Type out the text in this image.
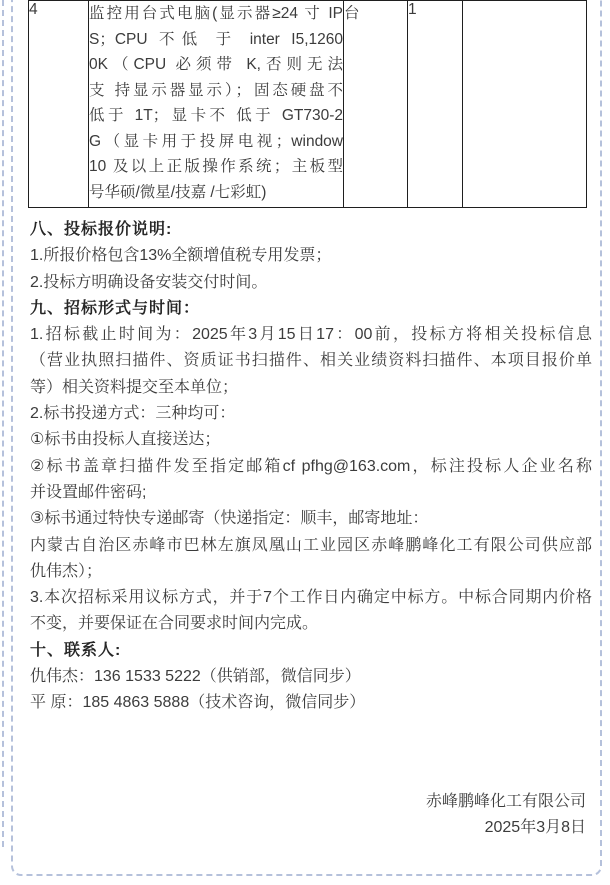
4	监控用台式电脑(显示器≥24 寸 IP
S；CPU 不低 于 inter I5,1260
0K（CPU 必须带 K,否则无法
支 持显示器显示）；固态硬盘不
低于 1T；显卡不 低于 GT730-2
G（显卡用于投屏电视；window
10 及以上正版操作系统；主板型
号华硕/微星/技嘉 /七彩虹)
	台	1	
八、投标报价说明:
1.所报价格包含13%全额增值税专用发票；
2.投标方明确设备安装交付时间。
九、招标形式与时间：
1.招标截止时间为：2025年3月15日17：00前，投标方将相关投标信息
（营业执照扫描件、资质证书扫描件、相关业绩资料扫描件、本项目报价单
等）相关资料提交至本单位；
2.标书投递方式：三种均可：
①标书由投标人直接送达；
②标书盖章扫描件发至指定邮箱cf pfhg@163.com，标注投标人企业名称
并设置邮件密码;
③标书通过特快专递邮寄（快递指定：顺丰，邮寄地址：
内蒙古自治区赤峰市巴林左旗凤凰山工业园区赤峰鹏峰化工有限公司供应部
仇伟杰）；
3.本次招标采用议标方式，并于7个工作日内确定中标方。中标合同期内价格
不变，并要保证在合同要求时间内完成。
十、联系人:
仇伟杰：136 1533 5222（供销部，微信同步）
平 原：185 4863 5888（技术咨询，微信同步）
赤峰鹏峰化工有限公司
2025年3月8日
